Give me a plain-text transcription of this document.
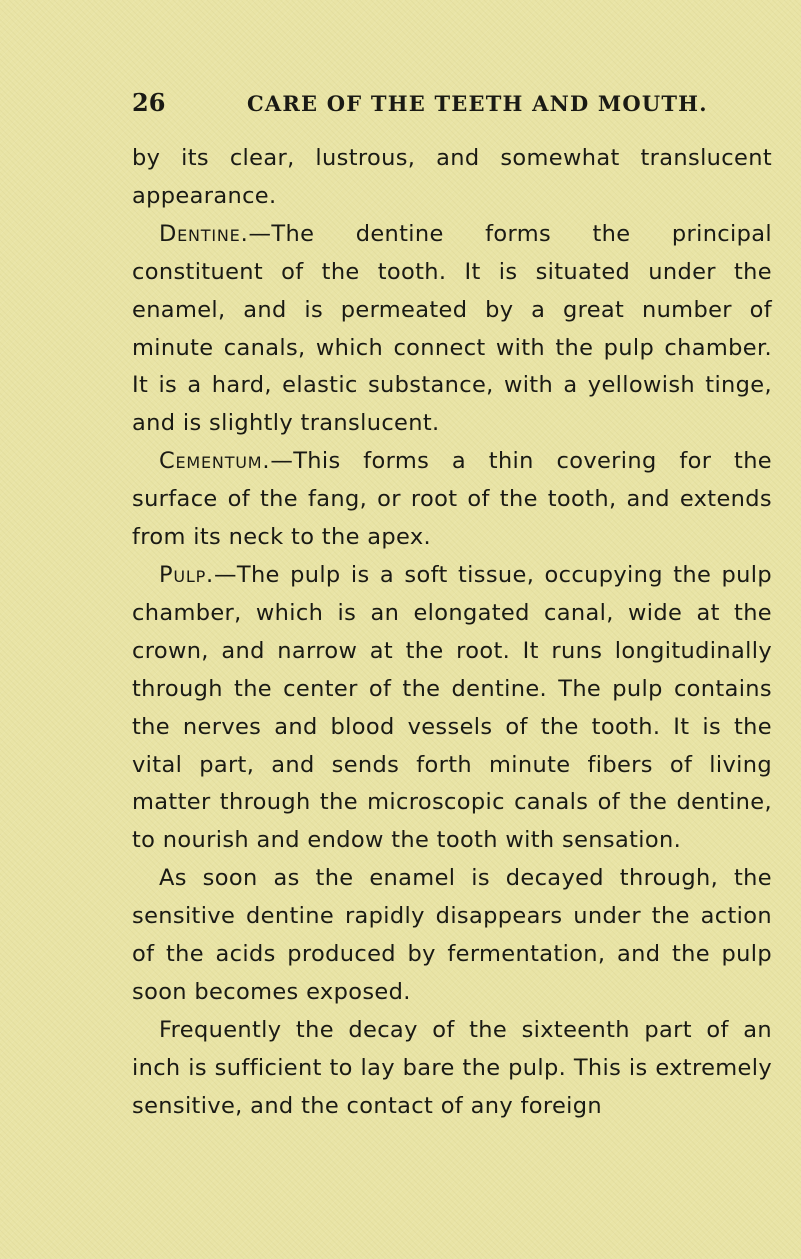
26	CARE OF THE TEETH AND MOUTH.

by its clear, lustrous, and somewhat translucent appearance.

Dentine.—The dentine forms the principal constituent of the tooth. It is situated under the enamel, and is permeated by a great number of minute canals, which connect with the pulp chamber. It is a hard, elastic substance, with a yellowish tinge, and is slightly translucent.

Cementum.—This forms a thin covering for the surface of the fang, or root of the tooth, and extends from its neck to the apex.

Pulp.—The pulp is a soft tissue, occupying the pulp chamber, which is an elongated canal, wide at the crown, and narrow at the root. It runs longitudinally through the center of the dentine. The pulp contains the nerves and blood vessels of the tooth. It is the vital part, and sends forth minute fibers of living matter through the microscopic canals of the dentine, to nourish and endow the tooth with sensation.

As soon as the enamel is decayed through, the sensitive dentine rapidly disappears under the action of the acids produced by fermentation, and the pulp soon becomes exposed.

Frequently the decay of the sixteenth part of an inch is sufficient to lay bare the pulp. This is extremely sensitive, and the contact of any foreign
